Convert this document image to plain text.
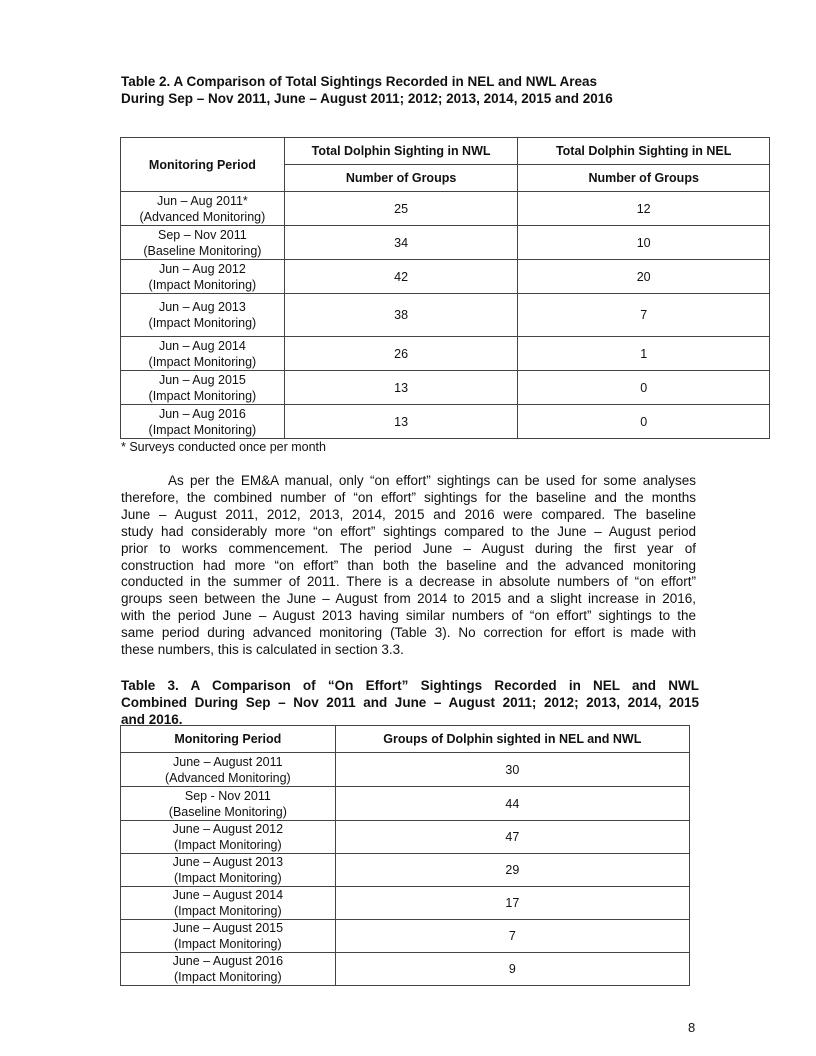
Table 2. A Comparison of Total Sightings Recorded in NEL and NWL Areas
During Sep – Nov 2011, June – August 2011; 2012; 2013, 2014, 2015 and 2016
Monitoring Period	Total Dolphin Sighting in NWL	Total Dolphin Sighting in NEL
	Number of Groups	Number of Groups

Jun – Aug 2011*
(Advanced Monitoring)	25	12

Sep – Nov 2011
(Baseline Monitoring)	34	10

Jun – Aug 2012
(Impact Monitoring)	42	20

Jun – Aug 2013
(Impact Monitoring)	38	7

Jun – Aug 2014
(Impact Monitoring)	26	1

Jun – Aug 2015
(Impact Monitoring)	13	0

Jun – Aug 2016
(Impact Monitoring)	13	0
* Surveys conducted once per month
As per the EM&A manual, only “on effort” sightings can be used for some analyses
therefore, the combined number of “on effort” sightings for the baseline and the months
June – August 2011, 2012, 2013, 2014, 2015 and 2016 were compared. The baseline
study had considerably more “on effort” sightings compared to the June – August period
prior to works commencement. The period June – August during the first year of
construction had more “on effort” than both the baseline and the advanced monitoring
conducted in the summer of 2011. There is a decrease in absolute numbers of “on effort”
groups seen between the June – August from 2014 to 2015 and a slight increase in 2016,
with the period June – August 2013 having similar numbers of “on effort” sightings to the
same period during advanced monitoring (Table 3). No correction for effort is made with
these numbers, this is calculated in section 3.3.
Table 3. A Comparison of “On Effort” Sightings Recorded in NEL and NWL
Combined During Sep – Nov 2011 and June – August 2011; 2012; 2013, 2014, 2015
and 2016.
Monitoring Period	Groups of Dolphin sighted in NEL and NWL

June – August 2011
(Advanced Monitoring)	30

Sep - Nov 2011
(Baseline Monitoring)	44

June – August 2012
(Impact Monitoring)	47

June – August 2013
(Impact Monitoring)	29

June – August 2014
(Impact Monitoring)	17

June – August 2015
(Impact Monitoring)	7

June – August 2016
(Impact Monitoring)	9
8
